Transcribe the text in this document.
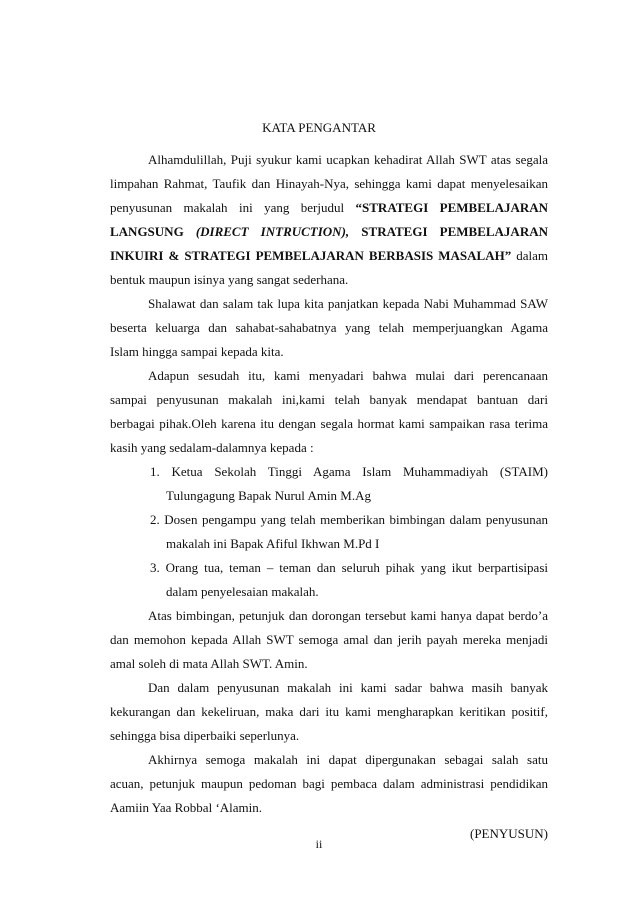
KATA PENGANTAR
Alhamdulillah, Puji syukur kami ucapkan kehadirat Allah SWT atas segala
limpahan Rahmat, Taufik dan Hinayah-Nya, sehingga kami dapat menyelesaikan
penyusunan makalah ini yang berjudul “STRATEGI PEMBELAJARAN
LANGSUNG (DIRECT INTRUCTION), STRATEGI PEMBELAJARAN
INKUIRI & STRATEGI PEMBELAJARAN BERBASIS MASALAH” dalam
bentuk maupun isinya yang sangat sederhana.
Shalawat dan salam tak lupa kita panjatkan kepada Nabi Muhammad SAW
beserta keluarga dan sahabat-sahabatnya yang telah memperjuangkan Agama
Islam hingga sampai kepada kita.
Adapun sesudah itu, kami menyadari bahwa mulai dari perencanaan
sampai penyusunan makalah ini,kami telah banyak mendapat bantuan dari
berbagai pihak.Oleh karena itu dengan segala hormat kami sampaikan rasa terima
kasih yang sedalam-dalamnya kepada :
1. Ketua Sekolah Tinggi Agama Islam Muhammadiyah (STAIM)
Tulungagung Bapak Nurul Amin M.Ag
2. Dosen pengampu yang telah memberikan bimbingan dalam penyusunan
makalah ini Bapak Afiful Ikhwan M.Pd I
3. Orang tua, teman – teman dan seluruh pihak yang ikut berpartisipasi
dalam penyelesaian makalah.
Atas bimbingan, petunjuk dan dorongan tersebut kami hanya dapat berdo’a
dan memohon kepada Allah SWT semoga amal dan jerih payah mereka menjadi
amal soleh di mata Allah SWT. Amin.
Dan dalam penyusunan makalah ini kami sadar bahwa masih banyak
kekurangan dan kekeliruan, maka dari itu kami mengharapkan keritikan positif,
sehingga bisa diperbaiki seperlunya.
Akhirnya semoga makalah ini dapat dipergunakan sebagai salah satu
acuan, petunjuk maupun pedoman bagi pembaca dalam administrasi pendidikan
Aamiin Yaa Robbal ‘Alamin.
(PENYUSUN)
ii
